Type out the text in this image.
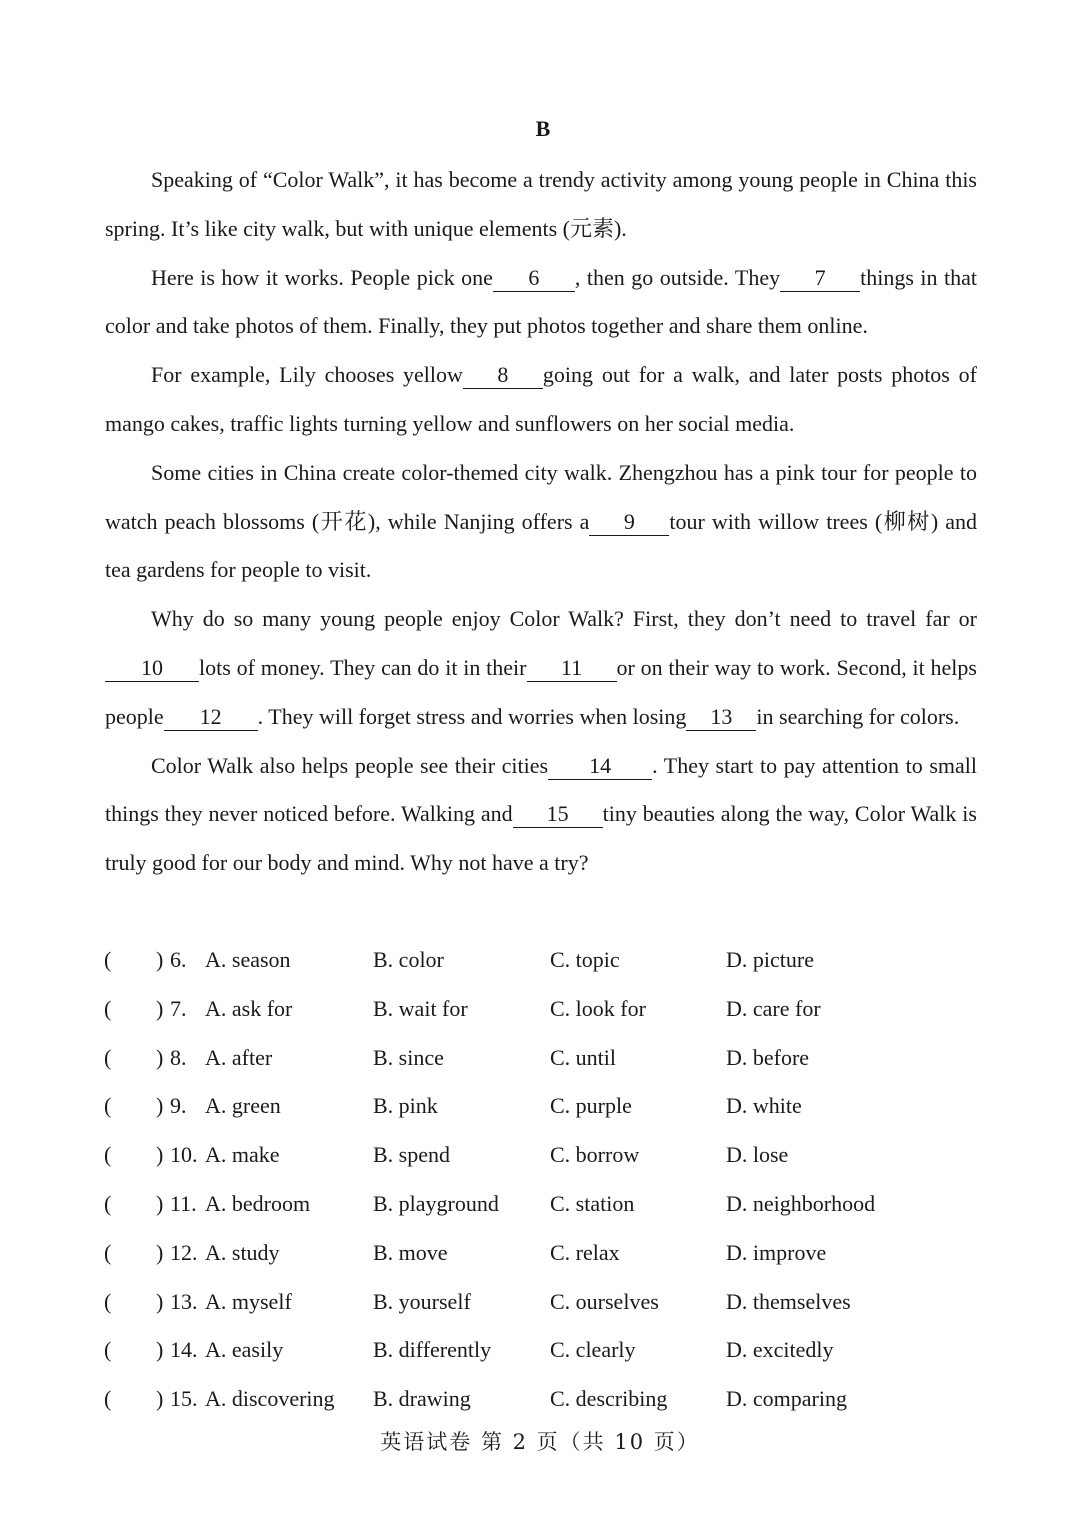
B

Speaking of “Color Walk”, it has become a trendy activity among young people in China this spring. It’s like city walk, but with unique elements (元素).

Here is how it works. People pick one 6 , then go outside. They 7 things in that color and take photos of them. Finally, they put photos together and share them online.

For example, Lily chooses yellow 8 going out for a walk, and later posts photos of mango cakes, traffic lights turning yellow and sunflowers on her social media.

Some cities in China create color-themed city walk. Zhengzhou has a pink tour for people to watch peach blossoms (开花), while Nanjing offers a 9 tour with willow trees (柳树) and tea gardens for people to visit.

Why do so many young people enjoy Color Walk? First, they don’t need to travel far or 10 lots of money. They can do it in their 11 or on their way to work. Second, it helps people 12 . They will forget stress and worries when losing 13 in searching for colors.

Color Walk also helps people see their cities 14 . They start to pay attention to small things they never noticed before. Walking and 15 tiny beauties along the way, Color Walk is truly good for our body and mind. Why not have a try?

( ) 6. A. season	B. color	C. topic	D. picture
( ) 7. A. ask for	B. wait for	C. look for	D. care for
( ) 8. A. after	B. since	C. until	D. before
( ) 9. A. green	B. pink	C. purple	D. white
( ) 10. A. make	B. spend	C. borrow	D. lose
( ) 11. A. bedroom	B. playground C. station	D. neighborhood
( ) 12. A. study	B. move	C. relax	D. improve
( ) 13. A. myself	B. yourself	C. ourselves	D. themselves
( ) 14. A. easily	B. differently	C. clearly	D. excitedly
( ) 15. A. discovering B. drawing	C. describing	D. comparing
英语试卷 第 2 页（共 10 页）
